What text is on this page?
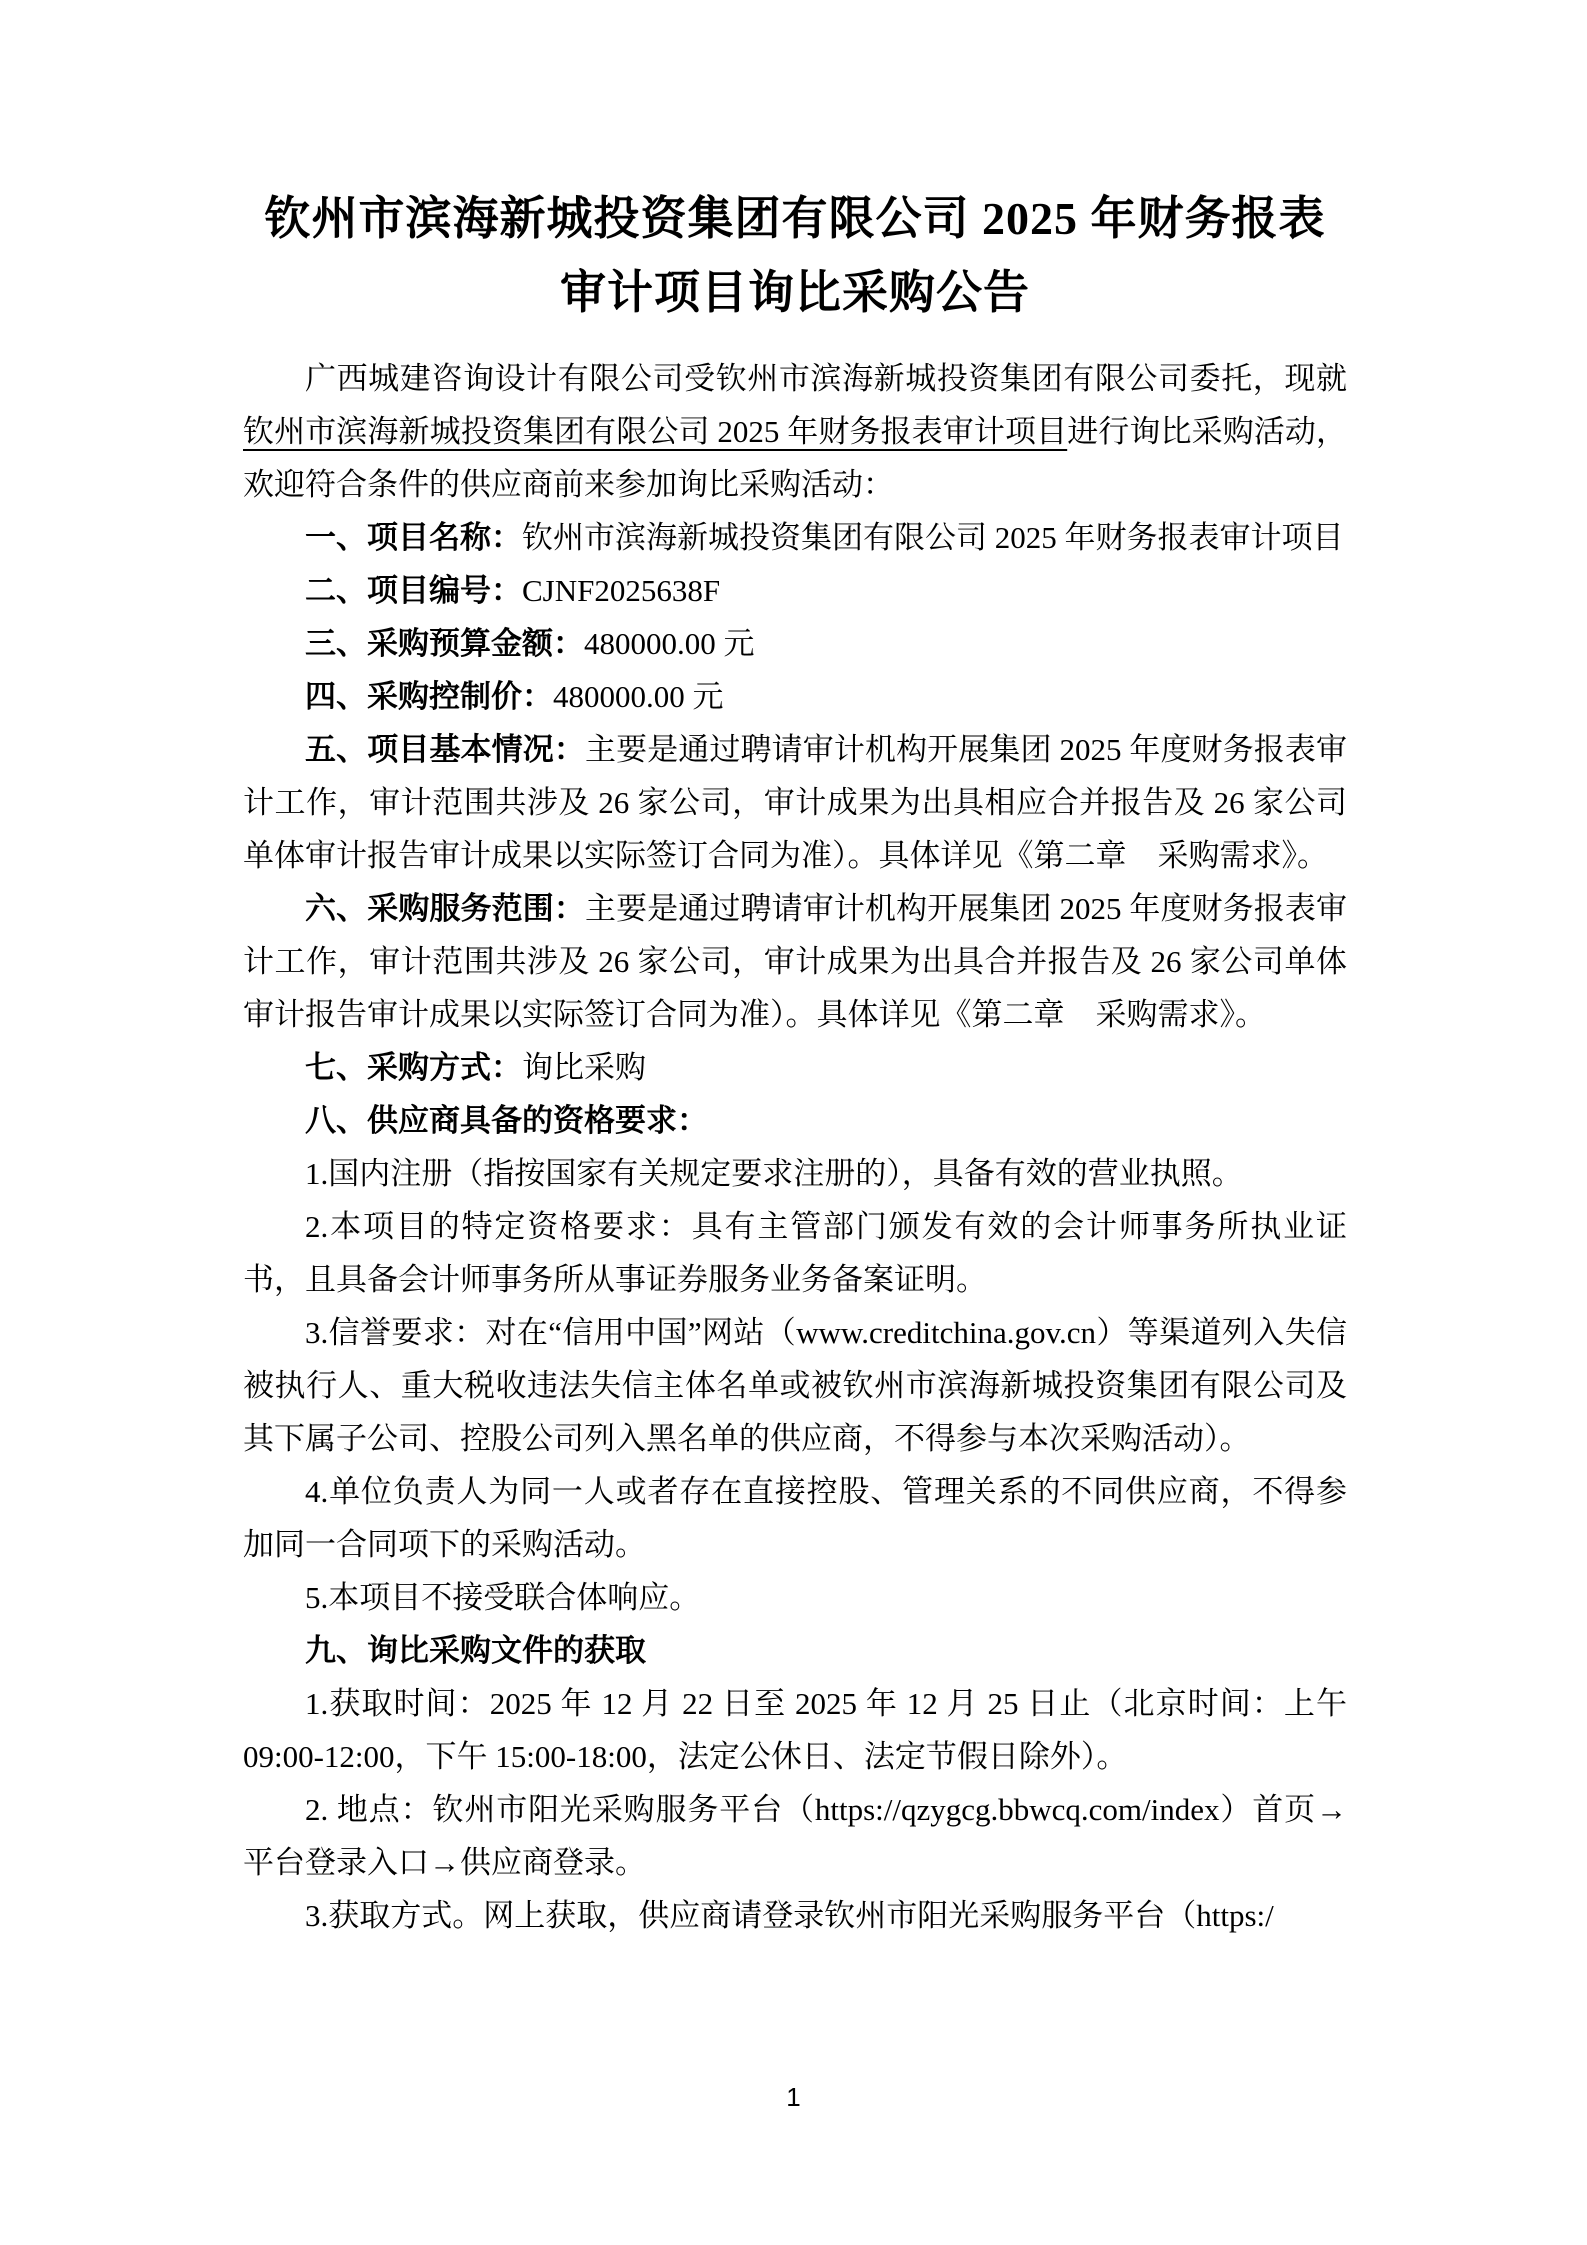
钦州市滨海新城投资集团有限公司 2025 年财务报表审计项目询比采购公告

广西城建咨询设计有限公司受钦州市滨海新城投资集团有限公司委托，现就钦州市滨海新城投资集团有限公司 2025 年财务报表审计项目进行询比采购活动，欢迎符合条件的供应商前来参加询比采购活动：

一、项目名称：钦州市滨海新城投资集团有限公司 2025 年财务报表审计项目

二、项目编号：CJNF2025638F

三、采购预算金额：480000.00 元

四、采购控制价：480000.00 元

五、项目基本情况：主要是通过聘请审计机构开展集团 2025 年度财务报表审计工作，审计范围共涉及 26 家公司，审计成果为出具相应合并报告及 26 家公司单体审计报告审计成果以实际签订合同为准）。具体详见《第二章　采购需求》。

六、采购服务范围：主要是通过聘请审计机构开展集团 2025 年度财务报表审计工作，审计范围共涉及 26 家公司，审计成果为出具合并报告及 26 家公司单体审计报告审计成果以实际签订合同为准）。具体详见《第二章　采购需求》。

七、采购方式：询比采购

八、供应商具备的资格要求：

1.国内注册（指按国家有关规定要求注册的），具备有效的营业执照。

2.本项目的特定资格要求：具有主管部门颁发有效的会计师事务所执业证书，且具备会计师事务所从事证券服务业务备案证明。

3.信誉要求：对在“信用中国”网站（www.creditchina.gov.cn）等渠道列入失信被执行人、重大税收违法失信主体名单或被钦州市滨海新城投资集团有限公司及其下属子公司、控股公司列入黑名单的供应商，不得参与本次采购活动）。

4.单位负责人为同一人或者存在直接控股、管理关系的不同供应商，不得参加同一合同项下的采购活动。

5.本项目不接受联合体响应。

九、询比采购文件的获取

1.获取时间：2025 年 12 月 22 日至 2025 年 12 月 25 日止（北京时间：上午 09:00-12:00，下午 15:00-18:00，法定公休日、法定节假日除外）。

2. 地点：钦州市阳光采购服务平台（https://qzygcg.bbwcq.com/index）首页→平台登录入口→供应商登录。

3.获取方式。网上获取，供应商请登录钦州市阳光采购服务平台（https:/

1
